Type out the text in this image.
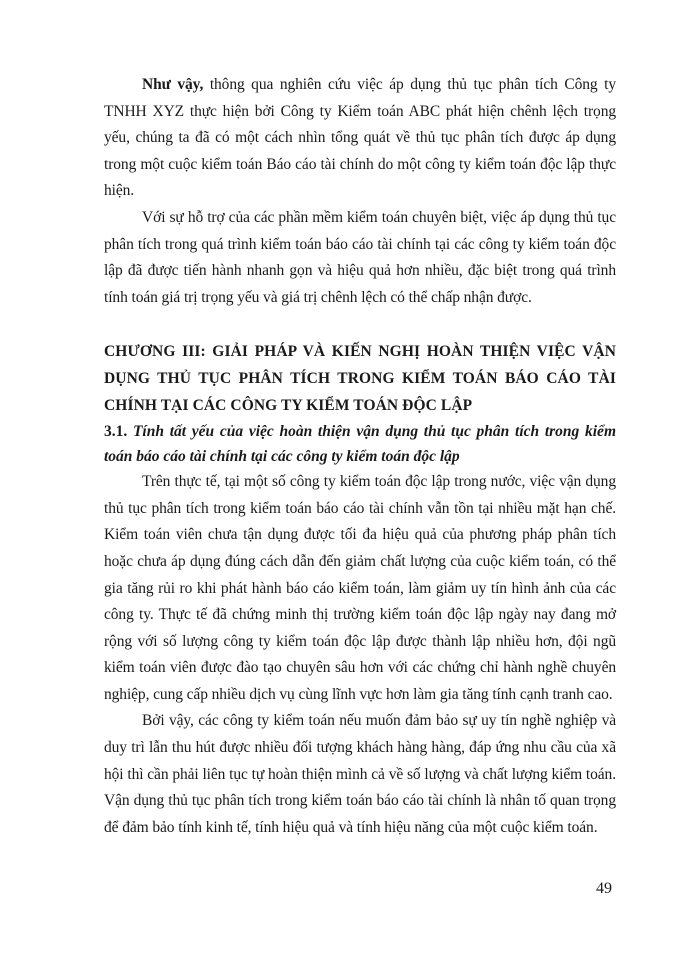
Như vậy, thông qua nghiên cứu việc áp dụng thủ tục phân tích Công ty TNHH XYZ thực hiện bởi Công ty Kiểm toán ABC phát hiện chênh lệch trọng yếu, chúng ta đã có một cách nhìn tổng quát về thủ tục phân tích được áp dụng trong một cuộc kiểm toán Báo cáo tài chính do một công ty kiểm toán độc lập thực hiện.

Với sự hỗ trợ của các phần mềm kiểm toán chuyên biệt, việc áp dụng thủ tục phân tích trong quá trình kiểm toán báo cáo tài chính tại các công ty kiểm toán độc lập đã được tiến hành nhanh gọn và hiệu quả hơn nhiều, đặc biệt trong quá trình tính toán giá trị trọng yếu và giá trị chênh lệch có thể chấp nhận được.

CHƯƠNG III: GIẢI PHÁP VÀ KIẾN NGHỊ HOÀN THIỆN VIỆC VẬN DỤNG THỦ TỤC PHÂN TÍCH TRONG KIỂM TOÁN BÁO CÁO TÀI CHÍNH TẠI CÁC CÔNG TY KIỂM TOÁN ĐỘC LẬP

3.1. Tính tất yếu của việc hoàn thiện vận dụng thủ tục phân tích trong kiểm toán báo cáo tài chính tại các công ty kiểm toán độc lập

Trên thực tế, tại một số công ty kiểm toán độc lập trong nước, việc vận dụng thủ tục phân tích trong kiểm toán báo cáo tài chính vẫn tồn tại nhiều mặt hạn chế. Kiểm toán viên chưa tận dụng được tối đa hiệu quả của phương pháp phân tích hoặc chưa áp dụng đúng cách dẫn đến giảm chất lượng của cuộc kiểm toán, có thể gia tăng rủi ro khi phát hành báo cáo kiểm toán, làm giảm uy tín hình ảnh của các công ty. Thực tế đã chứng minh thị trường kiểm toán độc lập ngày nay đang mở rộng với số lượng công ty kiểm toán độc lập được thành lập nhiều hơn, đội ngũ kiểm toán viên được đào tạo chuyên sâu hơn với các chứng chỉ hành nghề chuyên nghiệp, cung cấp nhiều dịch vụ cùng lĩnh vực hơn làm gia tăng tính cạnh tranh cao.

Bởi vậy, các công ty kiểm toán nếu muốn đảm bảo sự uy tín nghề nghiệp và duy trì lẫn thu hút được nhiều đối tượng khách hàng hàng, đáp ứng nhu cầu của xã hội thì cần phải liên tục tự hoàn thiện mình cả về số lượng và chất lượng kiểm toán. Vận dụng thủ tục phân tích trong kiểm toán báo cáo tài chính là nhân tố quan trọng để đảm bảo tính kinh tế, tính hiệu quả và tính hiệu năng của một cuộc kiểm toán.

49
